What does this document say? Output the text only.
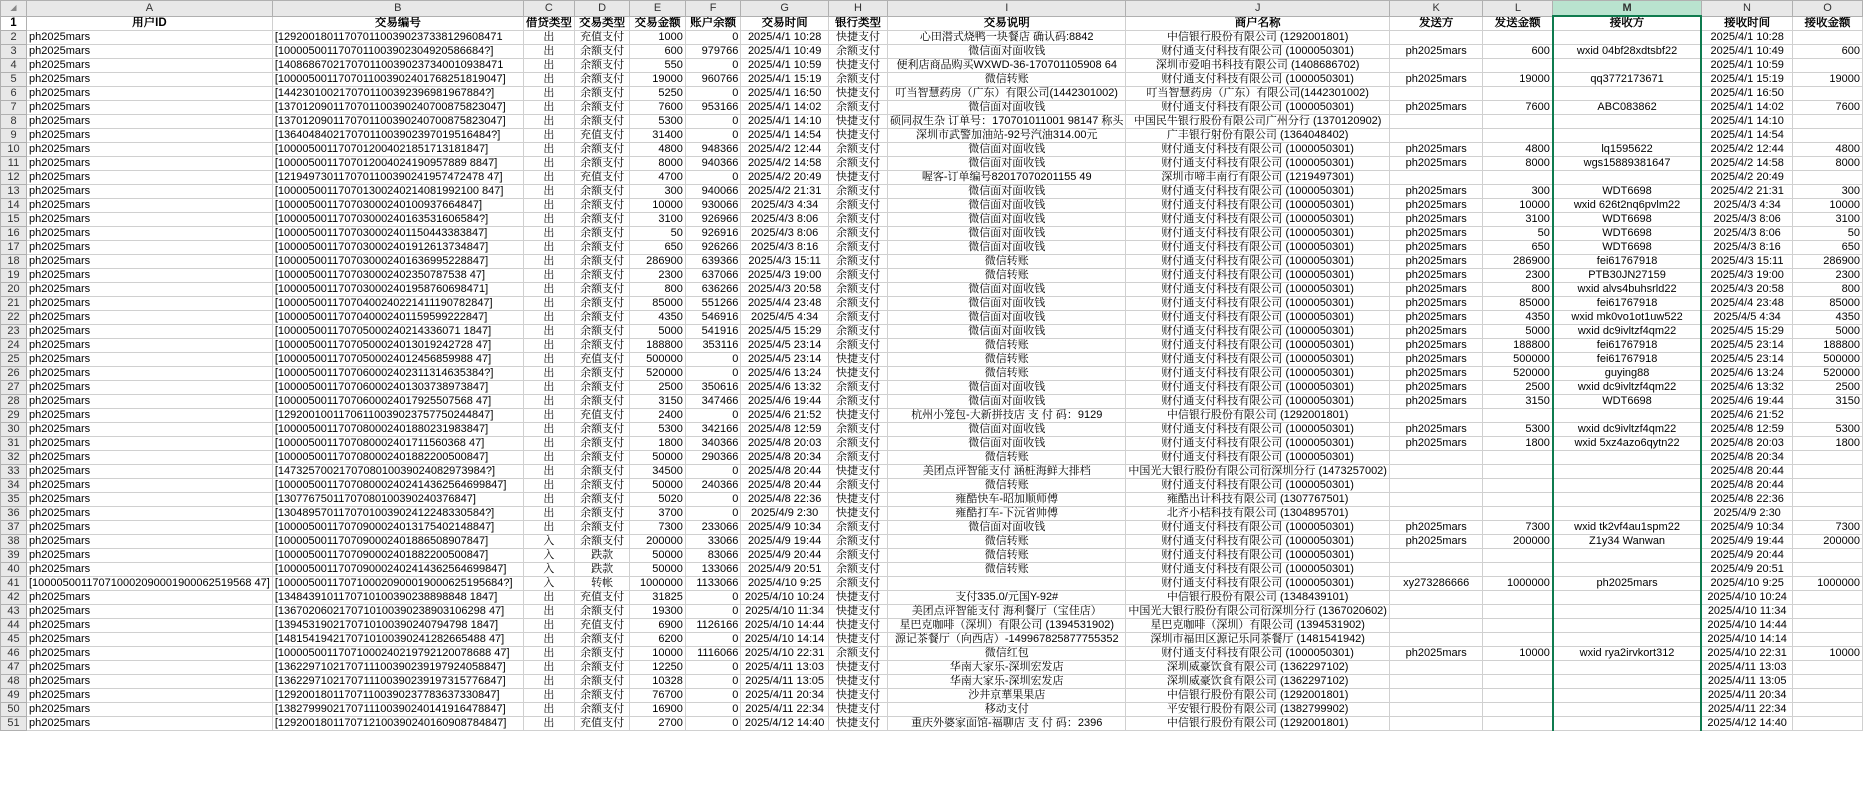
◢	A	B	C	D	E	F	G	H	I	J	K	L	M	N	O
1	用户ID	交易编号	借贷类型	交易类型	交易金额	账户余额	交易时间	银行类型	交易说明	商户名称	发送方	发送金额	接收方	接收时间	接收金额
2	ph2025mars	[1292001801170701100390237338129608471	出	充值支付	1000	0	2025/4/1 10:28	快捷支付	心田潜式烧鸭一块餐店 确认码:8842	中信银行股份有限公司 (1292001801)				2025/4/1 10:28	
3	ph2025mars	[1000050011707011003902304920586684?]	出	余额支付	600	979766	2025/4/1 10:49	余额支付	微信面对面收钱	财付通支付科技有限公司 (1000050301)	ph2025mars	600	wxid 04bf28xdtsbf22	2025/4/1 10:49	600
4	ph2025mars	[1408686702170701100390237340010938471	出	余额支付	550	0	2025/4/1 10:59	快捷支付	便利店商品购买WXWD-36-170701105908 64	深圳市爱咱书科技有限公司 (1408686702)				2025/4/1 10:59	
5	ph2025mars	[1000050011707011003902401768251819047]	出	余额支付	19000	960766	2025/4/1 15:19	余额支付	微信转账	财付通支付科技有限公司 (1000050301)	ph2025mars	19000	qq3772173671	2025/4/1 15:19	19000
6	ph2025mars	[1442301002170701100392396981967884?]	出	余额支付	5250	0	2025/4/1 16:50	快捷支付	叮当智慧药房（广东）有限公司(1442301002)	叮当智慧药房（广东）有限公司(1442301002)				2025/4/1 16:50	
7	ph2025mars	[1370120901170701100390240700875823047]	出	余额支付	7600	953166	2025/4/1 14:02	余额支付	微信面对面收钱	财付通支付科技有限公司 (1000050301)	ph2025mars	7600	ABC083862	2025/4/1 14:02	7600
8	ph2025mars	[1370120901170701100390240700875823047]	出	余额支付	5300	0	2025/4/1 14:10	快捷支付	硕同叔生杂 订单号：170701011001 98147 称头	中国民牛银行股份有限公司广州分行 (1370120902)				2025/4/1 14:10	
9	ph2025mars	[13640484021707011003902397019516484?]	出	充值支付	31400	0	2025/4/1 14:54	快捷支付	深圳市武警加油站-92号汽油314.00元	广丰银行射份有限公司 (1364048402)				2025/4/1 14:54	
10	ph2025mars	[1000050011707012004021851713181847]	出	余额支付	4800	948366	2025/4/2 12:44	余额支付	微信面对面收钱	财付通支付科技有限公司 (1000050301)	ph2025mars	4800	lq1595622	2025/4/2 12:44	4800
11	ph2025mars	[1000050011707012004024190957889 8847]	出	余额支付	8000	940366	2025/4/2 14:58	余额支付	微信面对面收钱	财付通支付科技有限公司 (1000050301)	ph2025mars	8000	wgs15889381647	2025/4/2 14:58	8000
12	ph2025mars	[1219497301170701100390241957472478 47]	出	充值支付	4700	0	2025/4/2 20:49	快捷支付	喔客-订单编号82017070201155 49	深圳市啼丰南行有限公司 (1219497301)				2025/4/2 20:49	
13	ph2025mars	[100005001170701300240214081992100 847]	出	余额支付	300	940066	2025/4/2 21:31	余额支付	微信面对面收钱	财付通支付科技有限公司 (1000050301)	ph2025mars	300	WDT6698	2025/4/2 21:31	300
14	ph2025mars	[100005001170703000240100937664847]	出	余额支付	10000	930066	2025/4/3 4:34	余额支付	微信面对面收钱	财付通支付科技有限公司 (1000050301)	ph2025mars	10000	wxid 626t2nq6pvlm22	2025/4/3 4:34	10000
15	ph2025mars	[100005001170703000240163531606584?]	出	余额支付	3100	926966	2025/4/3 8:06	余额支付	微信面对面收钱	财付通支付科技有限公司 (1000050301)	ph2025mars	3100	WDT6698	2025/4/3 8:06	3100
16	ph2025mars	[1000050011707030002401150443383847]	出	余额支付	50	926916	2025/4/3 8:06	余额支付	微信面对面收钱	财付通支付科技有限公司 (1000050301)	ph2025mars	50	WDT6698	2025/4/3 8:06	50
17	ph2025mars	[1000050011707030002401912613734847]	出	余额支付	650	926266	2025/4/3 8:16	余额支付	微信面对面收钱	财付通支付科技有限公司 (1000050301)	ph2025mars	650	WDT6698	2025/4/3 8:16	650
18	ph2025mars	[1000050011707030002401636995228847]	出	余额支付	286900	639366	2025/4/3 15:11	余额支付	微信转账	财付通支付科技有限公司 (1000050301)	ph2025mars	286900	fei61767918	2025/4/3 15:11	286900
19	ph2025mars	[1000050011707030002402350787538 47]	出	余额支付	2300	637066	2025/4/3 19:00	余额支付	微信转账	财付通支付科技有限公司 (1000050301)	ph2025mars	2300	PTB30JN27159	2025/4/3 19:00	2300
20	ph2025mars	[1000050011707030002401958760698471]	出	余额支付	800	636266	2025/4/3 20:58	余额支付	微信面对面收钱	财付通支付科技有限公司 (1000050301)	ph2025mars	800	wxid alvs4buhsrld22	2025/4/3 20:58	800
21	ph2025mars	[10000500117070400240221411190782847]	出	余额支付	85000	551266	2025/4/4 23:48	余额支付	微信面对面收钱	财付通支付科技有限公司 (1000050301)	ph2025mars	85000	fei61767918	2025/4/4 23:48	85000
22	ph2025mars	[1000050011707040002401159599222847]	出	余额支付	4350	546916	2025/4/5 4:34	余额支付	微信面对面收钱	财付通支付科技有限公司 (1000050301)	ph2025mars	4350	wxid mk0vo1ot1uw522	2025/4/5 4:34	4350
23	ph2025mars	[100005001170705000240214336071 1847]	出	余额支付	5000	541916	2025/4/5 15:29	余额支付	微信面对面收钱	财付通支付科技有限公司 (1000050301)	ph2025mars	5000	wxid dc9ivltzf4qm22	2025/4/5 15:29	5000
24	ph2025mars	[10000500117070500024013019242728 47]	出	余额支付	188800	353116	2025/4/5 23:14	余额支付	微信转账	财付通支付科技有限公司 (1000050301)	ph2025mars	188800	fei61767918	2025/4/5 23:14	188800
25	ph2025mars	[10000500117070500024012456859988 47]	出	充值支付	500000	0	2025/4/5 23:14	快捷支付	微信转账	财付通支付科技有限公司 (1000050301)	ph2025mars	500000	fei61767918	2025/4/5 23:14	500000
26	ph2025mars	[1000050011707060002402311314635384?]	出	余额支付	520000	0	2025/4/6 13:24	快捷支付	微信转账	财付通支付科技有限公司 (1000050301)	ph2025mars	520000	guying88	2025/4/6 13:24	520000
27	ph2025mars	[1000050011707060002401303738973847]	出	余额支付	2500	350616	2025/4/6 13:32	余额支付	微信面对面收钱	财付通支付科技有限公司 (1000050301)	ph2025mars	2500	wxid dc9ivltzf4qm22	2025/4/6 13:32	2500
28	ph2025mars	[10000500117070600024017925507568 47]	出	余额支付	3150	347466	2025/4/6 19:44	余额支付	微信面对面收钱	财付通支付科技有限公司 (1000050301)	ph2025mars	3150	WDT6698	2025/4/6 19:44	3150
29	ph2025mars	[12920010011706110039023757750244847]	出	充值支付	2400	0	2025/4/6 21:52	快捷支付	杭州小笼包-大新拼技店 支 付 码：9129	中信银行股份有限公司 (1292001801)				2025/4/6 21:52	
30	ph2025mars	[1000050011707080002401880231983847]	出	余额支付	5300	342166	2025/4/8 12:59	余额支付	微信面对面收钱	财付通支付科技有限公司 (1000050301)	ph2025mars	5300	wxid dc9ivltzf4qm22	2025/4/8 12:59	5300
31	ph2025mars	[1000050011707080002401711560368 47]	出	余额支付	1800	340366	2025/4/8 20:03	余额支付	微信面对面收钱	财付通支付科技有限公司 (1000050301)	ph2025mars	1800	wxid 5xz4azo6qytn22	2025/4/8 20:03	1800
32	ph2025mars	[1000050011707080002401882200500847]	出	余额支付	50000	290366	2025/4/8 20:34	余额支付	微信转账	财付通支付科技有限公司 (1000050301)				2025/4/8 20:34	
33	ph2025mars	[1473257002170708010039024082973984?]	出	余额支付	34500	0	2025/4/8 20:44	快捷支付	美团点评智能支付 涵桩海鲜大排档	中国光大银行股份有限公司衍深圳分行 (1473257002)				2025/4/8 20:44	
34	ph2025mars	[1000050011707080002402414362564699847]	出	余额支付	50000	240366	2025/4/8 20:44	余额支付	微信转账	财付通支付科技有限公司 (1000050301)				2025/4/8 20:44	
35	ph2025mars	[13077675011707080100390240376847]	出	余额支付	5020	0	2025/4/8 22:36	快捷支付	雍酷快车-昭加顺师傅	雍酷出计科技有限公司 (1307767501)				2025/4/8 22:36	
36	ph2025mars	[1304895701170701003902412248330584?]	出	余额支付	3700	0	2025/4/9 2:30	快捷支付	雍酷打车-下沅省帅傅	北齐小桔科技有限公司 (1304895701)				2025/4/9 2:30	
37	ph2025mars	[10000500117070900024013175402148847]	出	余额支付	7300	233066	2025/4/9 10:34	余额支付	微信面对面收钱	财付通支付科技有限公司 (1000050301)	ph2025mars	7300	wxid tk2vf4au1spm22	2025/4/9 10:34	7300
38	ph2025mars	[1000050011707090002401886508907847]	入	余额支付	200000	33066	2025/4/9 19:44	余额支付	微信转账	财付通支付科技有限公司 (1000050301)	ph2025mars	200000	Z1y34 Wanwan	2025/4/9 19:44	200000
39	ph2025mars	[1000050011707090002401882200500847]	入	跌款	50000	83066	2025/4/9 20:44	余额支付	微信转账	财付通支付科技有限公司 (1000050301)				2025/4/9 20:44	
40	ph2025mars	[1000050011707090002402414362564699847]	入	跌款	50000	133066	2025/4/9 20:51	余额支付	微信转账	财付通支付科技有限公司 (1000050301)				2025/4/9 20:51	
41	[100005001170710002090001900062519568 47]	[1000050011707100020900019000625195684?]	入	转帐	1000000	1133066	2025/4/10 9:25	余额支付		财付通支付科技有限公司 (1000050301)	xy273286666	1000000	ph2025mars	2025/4/10 9:25	1000000
42	ph2025mars	[1348439101170710100390238898848 1847]	出	充值支付	31825	0	2025/4/10 10:24	快捷支付	支付335.0/元国Y-92#	中信银行股份有限公司 (1348439101)				2025/4/10 10:24	
43	ph2025mars	[1367020602170710100390238903106298 47]	出	余额支付	19300	0	2025/4/10 11:34	快捷支付	美团点评智能支付 海利餐厅（宝佳店）	中国光大银行股份有限公司衍深圳分行 (1367020602)				2025/4/10 11:34	
44	ph2025mars	[1394531902170710100390240794798 1847]	出	充值支付	6900	1126166	2025/4/10 14:44	快捷支付	星巴克咖啡（深圳）有限公司 (1394531902)	星巴克咖啡（深圳）有限公司 (1394531902)				2025/4/10 14:44	
45	ph2025mars	[1481541942170710100390241282665488 47]	出	余额支付	6200	0	2025/4/10 14:14	快捷支付	源记茶餐厅（向西店）-149967825877755352	深圳市福田区源记乐同茶餐厅 (1481541942)				2025/4/10 14:14	
46	ph2025mars	[10000500117071000240219792120078688 47]	出	余额支付	10000	1116066	2025/4/10 22:31	余额支付	微信红包	财付通支付科技有限公司 (1000050301)	ph2025mars	10000	wxid rya2irvkort312	2025/4/10 22:31	10000
47	ph2025mars	[1362297102170711100390239197924058847]	出	余额支付	12250	0	2025/4/11 13:03	快捷支付	华南大家乐-深圳宏发店	深圳威豪饮食有限公司 (1362297102)				2025/4/11 13:03	
48	ph2025mars	[1362297102170711100390239197315776847]	出	余额支付	10328	0	2025/4/11 13:05	快捷支付	华南大家乐-深圳宏发店	深圳威豪饮食有限公司 (1362297102)				2025/4/11 13:05	
49	ph2025mars	[129200180117071100390237783637330847]	出	余额支付	76700	0	2025/4/11 20:34	快捷支付	沙井京華果果店	中信银行股份有限公司 (1292001801)				2025/4/11 20:34	
50	ph2025mars	[1382799902170711100390240141916478847]	出	余额支付	16900	0	2025/4/11 22:34	快捷支付	移动支付	平安银行股份有限公司 (1382799902)				2025/4/11 22:34	
51	ph2025mars	[1292001801170712100390240160908784847]	出	充值支付	2700	0	2025/4/12 14:40	快捷支付	重庆外婆家面馆-福聊店 支 付 码：2396	中信银行股份有限公司 (1292001801)				2025/4/12 14:40	
